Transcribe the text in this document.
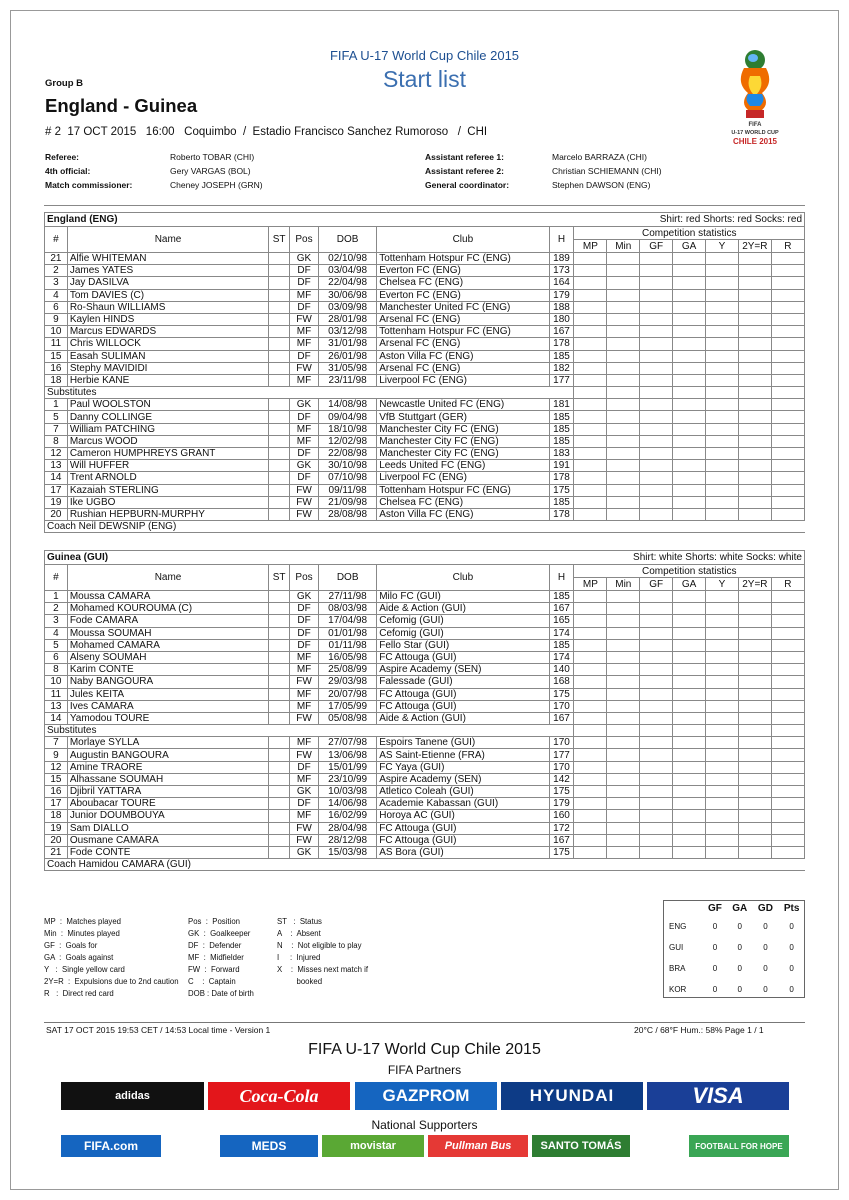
FIFA U-17 World Cup Chile 2015
Start list
Group B
England - Guinea
# 2  17 OCT 2015   16:00   Coquimbo  /  Estadio Francisco Sanchez Rumoroso   /  CHI
FIFA
U-17 WORLD CUP
CHILE 2015
Referee:	Roberto TOBAR (CHI)
4th official:	Gery VARGAS (BOL)
Match commissioner:	Cheney JOSEPH (GRN)
Assistant referee 1:	Marcelo BARRAZA (CHI)
Assistant referee 2:	Christian SCHIEMANN (CHI)
General coordinator:	Stephen DAWSON (ENG)
England (ENG) Shirt: red Shorts: red Socks: red													

#	Name	ST	Pos	DOB	Club	H	Competition statistics						
							MP	Min	GF	GA	Y	2Y=R	R
21	Alfie WHITEMAN		GK	02/10/98	Tottenham Hotspur FC (ENG)	189							
2	James YATES		DF	03/04/98	Everton FC (ENG)	173							
3	Jay DASILVA		DF	22/04/98	Chelsea FC (ENG)	164							
4	Tom DAVIES (C)		MF	30/06/98	Everton FC (ENG)	179							
6	Ro-Shaun WILLIAMS		DF	03/09/98	Manchester United FC (ENG)	188							
9	Kaylen HINDS		FW	28/01/98	Arsenal FC (ENG)	180							
10	Marcus EDWARDS		MF	03/12/98	Tottenham Hotspur FC (ENG)	167							
11	Chris WILLOCK		MF	31/01/98	Arsenal FC (ENG)	178							
15	Easah SULIMAN		DF	26/01/98	Aston Villa FC (ENG)	185							
16	Stephy MAVIDIDI		FW	31/05/98	Arsenal FC (ENG)	182							
18	Herbie KANE		MF	23/11/98	Liverpool FC (ENG)	177							
Substitutes													
1	Paul WOOLSTON		GK	14/08/98	Newcastle United FC (ENG)	181							
5	Danny COLLINGE		DF	09/04/98	VfB Stuttgart (GER)	185							
7	William PATCHING		MF	18/10/98	Manchester City FC (ENG)	185							
8	Marcus WOOD		MF	12/02/98	Manchester City FC (ENG)	185							
12	Cameron HUMPHREYS GRANT		DF	22/08/98	Manchester City FC (ENG)	183							
13	Will HUFFER		GK	30/10/98	Leeds United FC (ENG)	191							
14	Trent ARNOLD		DF	07/10/98	Liverpool FC (ENG)	178							
17	Kazaiah STERLING		FW	09/11/98	Tottenham Hotspur FC (ENG)	175							
19	Ike UGBO		FW	21/09/98	Chelsea FC (ENG)	185							
20	Rushian HEPBURN-MURPHY		FW	28/08/98	Aston Villa FC (ENG)	178							
Coach Neil DEWSNIP (ENG)													
Guinea (GUI) Shirt: white Shorts: white Socks: white													

#	Name	ST	Pos	DOB	Club	H	Competition statistics						
							MP	Min	GF	GA	Y	2Y=R	R
1	Moussa CAMARA		GK	27/11/98	Milo FC (GUI)	185							
2	Mohamed KOUROUMA (C)		DF	08/03/98	Aide & Action (GUI)	167							
3	Fode CAMARA		DF	17/04/98	Cefomig (GUI)	165							
4	Moussa SOUMAH		DF	01/01/98	Cefomig (GUI)	174							
5	Mohamed CAMARA		DF	01/11/98	Fello Star (GUI)	185							
6	Alseny SOUMAH		MF	16/05/98	FC Attouga (GUI)	174							
8	Karim CONTE		MF	25/08/99	Aspire Academy (SEN)	140							
10	Naby BANGOURA		FW	29/03/98	Falessade (GUI)	168							
11	Jules KEITA		MF	20/07/98	FC Attouga (GUI)	175							
13	Ives CAMARA		MF	17/05/99	FC Attouga (GUI)	170							
14	Yamodou TOURE		FW	05/08/98	Aide & Action (GUI)	167							
Substitutes													
7	Morlaye SYLLA		MF	27/07/98	Espoirs Tanene (GUI)	170							
9	Augustin BANGOURA		FW	13/06/98	AS Saint-Etienne (FRA)	177							
12	Amine TRAORE		DF	15/01/99	FC Yaya (GUI)	170							
15	Alhassane SOUMAH		MF	23/10/99	Aspire Academy (SEN)	142							
16	Djibril YATTARA		GK	10/03/98	Atletico Coleah (GUI)	175							
17	Aboubacar TOURE		DF	14/06/98	Academie Kabassan (GUI)	179							
18	Junior DOUMBOUYA		MF	16/02/99	Horoya AC (GUI)	160							
19	Sam DIALLO		FW	28/04/98	FC Attouga (GUI)	172							
20	Ousmane CAMARA		FW	28/12/98	FC Attouga (GUI)	167							
21	Fode CONTE		GK	15/03/98	AS Bora (GUI)	175							
Coach Hamidou CAMARA (GUI)													
MP  :  Matches played
Min  :  Minutes played
GF  :  Goals for
GA  :  Goals against
Y   :  Single yellow card
2Y=R  :  Expulsions due to 2nd caution
R   :  Direct red card
Pos  :  Position
GK  :  Goalkeeper
DF  :  Defender
MF  :  Midfielder
FW  :  Forward
C    :  Captain
DOB : Date of birth
ST   :  Status
A    :  Absent
N    :  Not eligible to play
I     :  Injured
X    :  Misses next match if
booked
	GF	GA	GD	Pts
ENG	0	0	0	0
GUI	0	0	0	0
BRA	0	0	0	0
KOR	0	0	0	0
SAT 17 OCT 2015 19:53 CET / 14:53 Local time - Version 1	20°C / 68°F Hum.: 58% Page 1 / 1
FIFA U-17 World Cup Chile 2015
FIFA Partners
National Supporters
adidas	Coca-Cola	GAZPROM	HYUNDAI	VISA
FIFA.com	MEDS	movistar	Pullman Bus	SANTO TOMÁS	FOOTBALL FOR HOPE
